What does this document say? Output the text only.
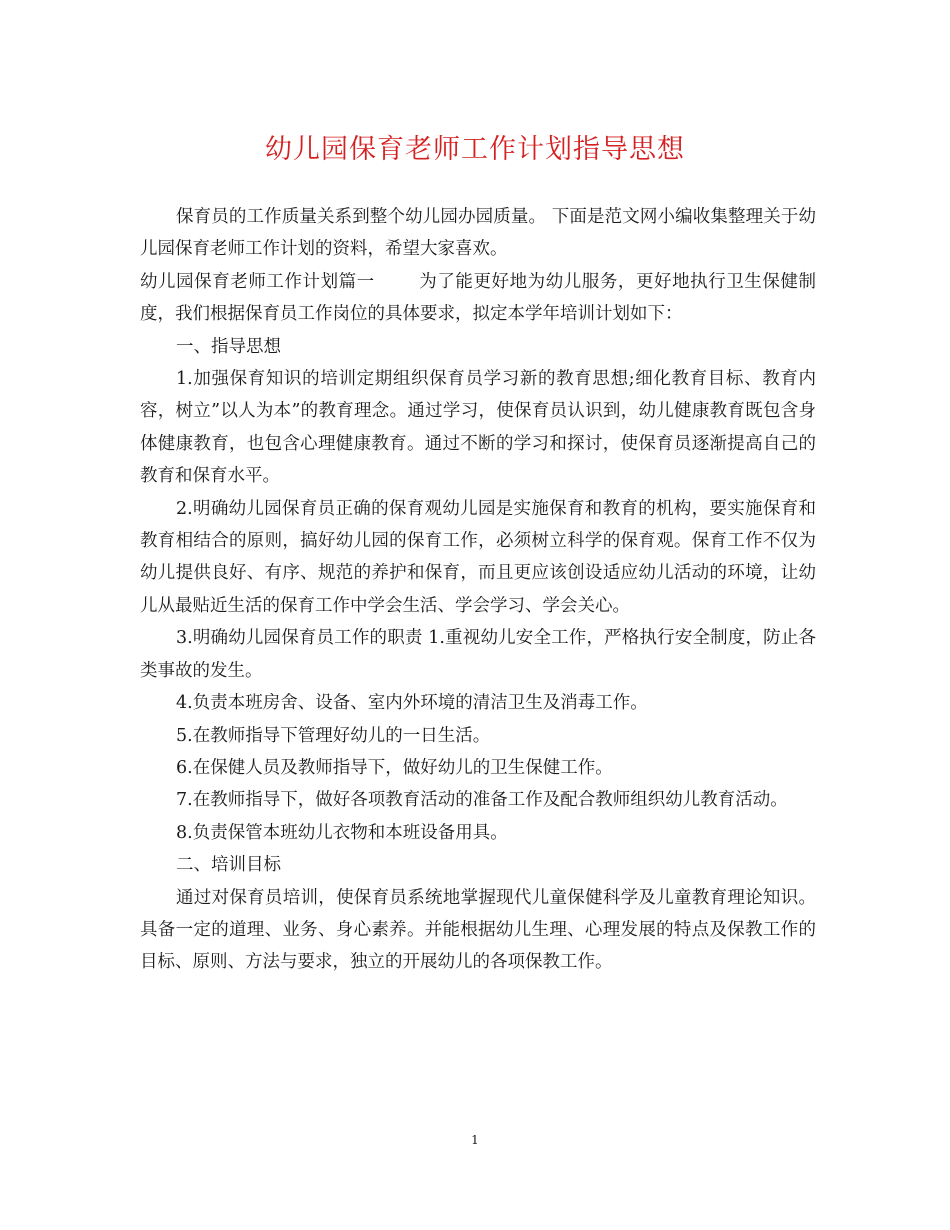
幼儿园保育老师工作计划指导思想

保育员的工作质量关系到整个幼儿园办园质量。 下面是范文网小编收集整理关于幼儿园保育老师工作计划的资料，希望大家喜欢。

幼儿园保育老师工作计划篇一	为了能更好地为幼儿服务，更好地执行卫生保健制度，我们根据保育员工作岗位的具体要求，拟定本学年培训计划如下：

一、指导思想

1.加强保育知识的培训定期组织保育员学习新的教育思想;细化教育目标、教育内容，树立”以人为本”的教育理念。通过学习，使保育员认识到，幼儿健康教育既包含身体健康教育，也包含心理健康教育。通过不断的学习和探讨，使保育员逐渐提高自己的教育和保育水平。

2.明确幼儿园保育员正确的保育观幼儿园是实施保育和教育的机构，要实施保育和教育相结合的原则，搞好幼儿园的保育工作，必须树立科学的保育观。保育工作不仅为幼儿提供良好、有序、规范的养护和保育，而且更应该创设适应幼儿活动的环境，让幼儿从最贴近生活的保育工作中学会生活、学会学习、学会关心。

3.明确幼儿园保育员工作的职责 1.重视幼儿安全工作，严格执行安全制度，防止各类事故的发生。

4.负责本班房舍、设备、室内外环境的清洁卫生及消毒工作。

5.在教师指导下管理好幼儿的一日生活。

6.在保健人员及教师指导下，做好幼儿的卫生保健工作。

7.在教师指导下，做好各项教育活动的准备工作及配合教师组织幼儿教育活动。

8.负责保管本班幼儿衣物和本班设备用具。

二、培训目标

通过对保育员培训，使保育员系统地掌握现代儿童保健科学及儿童教育理论知识。具备一定的道理、业务、身心素养。并能根据幼儿生理、心理发展的特点及保教工作的目标、原则、方法与要求，独立的开展幼儿的各项保教工作。

1
